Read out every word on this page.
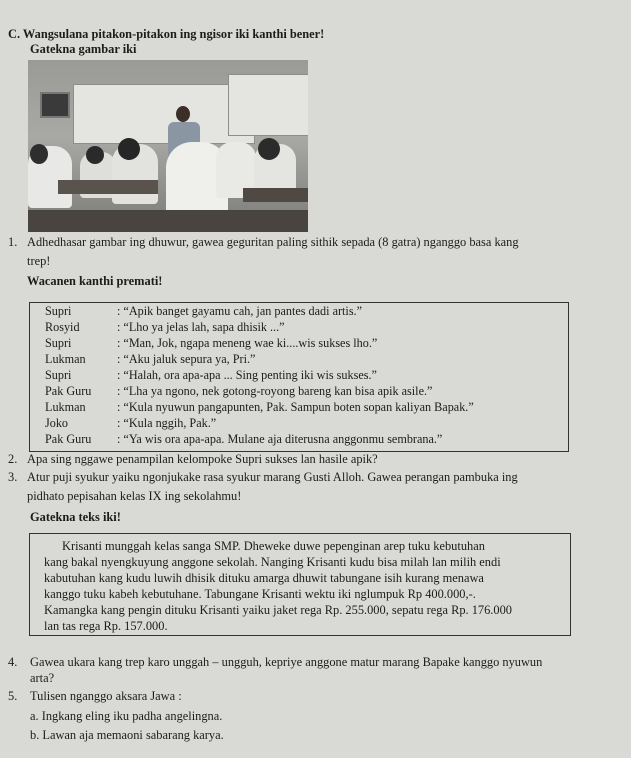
C. Wangsulana pitakon-pitakon ing ngisor iki kanthi bener!
Gatekna gambar iki
1. Adhedhasar gambar ing dhuwur, gawea geguritan paling sithik sepada (8 gatra) nganggo basa kang
trep!
Wacanen kanthi premati!
Supri	: “Apik banget gayamu cah, jan pantes dadi artis.”
Rosyid	: “Lho ya jelas lah, sapa dhisik ...”
Supri	: “Man, Jok, ngapa meneng wae ki....wis sukses lho.”
Lukman	: “Aku jaluk sepura ya, Pri.”
Supri	: “Halah, ora apa-apa ... Sing penting iki wis sukses.”
Pak Guru : “Lha ya ngono, nek gotong-royong bareng kan bisa apik asile.”
Lukman	: “Kula nyuwun pangapunten, Pak. Sampun boten sopan kaliyan Bapak.”
Joko	: “Kula nggih, Pak.”
Pak Guru : “Ya wis ora apa-apa. Mulane aja diterusna anggonmu sembrana.”
2. Apa sing nggawe penampilan kelompoke Supri sukses lan hasile apik?
3. Atur puji syukur yaiku ngonjukake rasa syukur marang Gusti Alloh. Gawea perangan pambuka ing
pidhato pepisahan kelas IX ing sekolahmu!
Gatekna teks iki!
Krisanti munggah kelas sanga SMP. Dheweke duwe pepenginan arep tuku kebutuhan
kang bakal nyengkuyung anggone sekolah. Nanging Krisanti kudu bisa milah lan milih endi
kabutuhan kang kudu luwih dhisik dituku amarga dhuwit tabungane isih kurang menawa
kanggo tuku kabeh kebutuhane. Tabungane Krisanti wektu iki nglumpuk Rp 400.000,-.
Kamangka kang pengin dituku Krisanti yaiku jaket rega Rp. 255.000, sepatu rega Rp. 176.000
lan tas rega Rp. 157.000.
4. Gawea ukara kang trep karo unggah – ungguh, kepriye anggone matur marang Bapake kanggo nyuwun
arta?
5. Tulisen nganggo aksara Jawa :
a. Ingkang eling iku padha angelingna.
b. Lawan aja memaoni sabarang karya.
